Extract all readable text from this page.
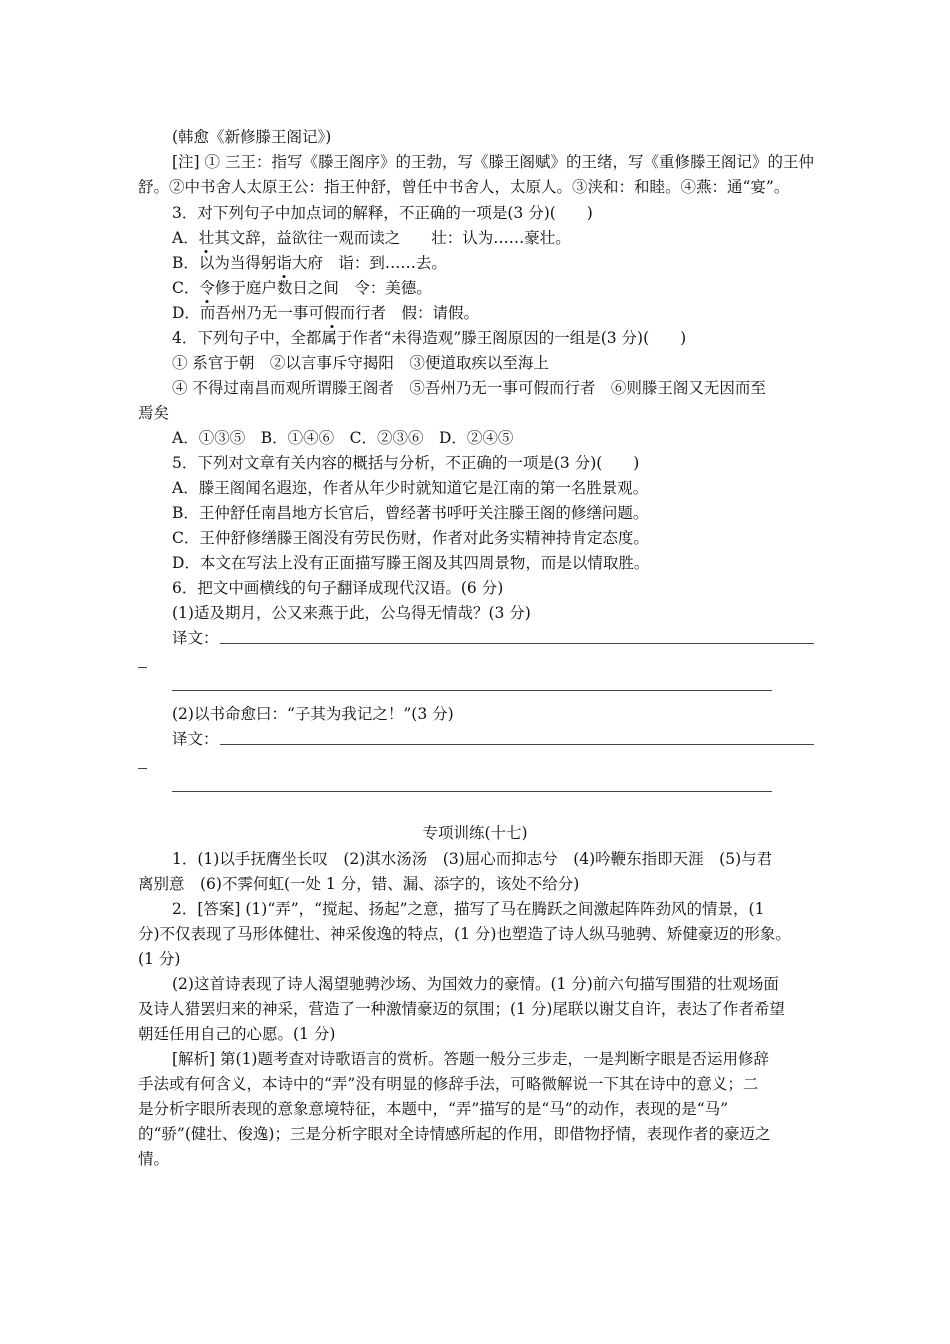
(韩愈《新修滕王阁记》)
[注] ① 三王：指写《滕王阁序》的王勃，写《滕王阁赋》的王绪，写《重修滕王阁记》的王仲
舒。②中书舍人太原王公：指王仲舒，曾任中书舍人，太原人。③浃和：和睦。④燕：通“宴”。
3．对下列句子中加点词的解释，不正确的一项是(3 分)(　　)
A．壮其文辞，益欲往一观而读之　　壮：认为……豪壮。
B．以为当得躬诣大府　诣：到……去。
C．令修于庭户数日之间　令：美德。
D．而吾州乃无一事可假而行者　假：请假。
4．下列句子中，全都属于作者“未得造观”滕王阁原因的一组是(3 分)(　　)
① 系官于朝　②以言事斥守揭阳　③便道取疾以至海上
④ 不得过南昌而观所谓滕王阁者　⑤吾州乃无一事可假而行者　⑥则滕王阁又无因而至
焉矣
A．①③⑤　B．①④⑥　C．②③⑥　D．②④⑤
5．下列对文章有关内容的概括与分析，不正确的一项是(3 分)(　　)
A．滕王阁闻名遐迩，作者从年少时就知道它是江南的第一名胜景观。
B．王仲舒任南昌地方长官后，曾经著书呼吁关注滕王阁的修缮问题。
C．王仲舒修缮滕王阁没有劳民伤财，作者对此务实精神持肯定态度。
D．本文在写法上没有正面描写滕王阁及其四周景物，而是以情取胜。
6．把文中画横线的句子翻译成现代汉语。(6 分)
(1)适及期月，公又来燕于此，公乌得无情哉？(3 分)
译文：
(2)以书命愈曰：“子其为我记之！”(3 分)
译文：
专项训练(十七)
1．(1)以手抚膺坐长叹　(2)淇水汤汤　(3)屈心而抑志兮　(4)吟鞭东指即天涯　(5)与君
离别意　(6)不霁何虹(一处 1 分，错、漏、添字的，该处不给分)
2．[答案] (1)“弄”，“搅起、扬起”之意，描写了马在腾跃之间激起阵阵劲风的情景，(1
分)不仅表现了马形体健壮、神采俊逸的特点，(1 分)也塑造了诗人纵马驰骋、矫健豪迈的形象。
(1 分)
(2)这首诗表现了诗人渴望驰骋沙场、为国效力的豪情。(1 分)前六句描写围猎的壮观场面
及诗人猎罢归来的神采，营造了一种激情豪迈的氛围；(1 分)尾联以谢艾自许，表达了作者希望
朝廷任用自己的心愿。(1 分)
[解析] 第(1)题考查对诗歌语言的赏析。答题一般分三步走，一是判断字眼是否运用修辞
手法或有何含义，本诗中的“弄”没有明显的修辞手法，可略微解说一下其在诗中的意义；二
是分析字眼所表现的意象意境特征，本题中，“弄”描写的是“马”的动作，表现的是“马”
的“骄”(健壮、俊逸)；三是分析字眼对全诗情感所起的作用，即借物抒情，表现作者的豪迈之
情。
